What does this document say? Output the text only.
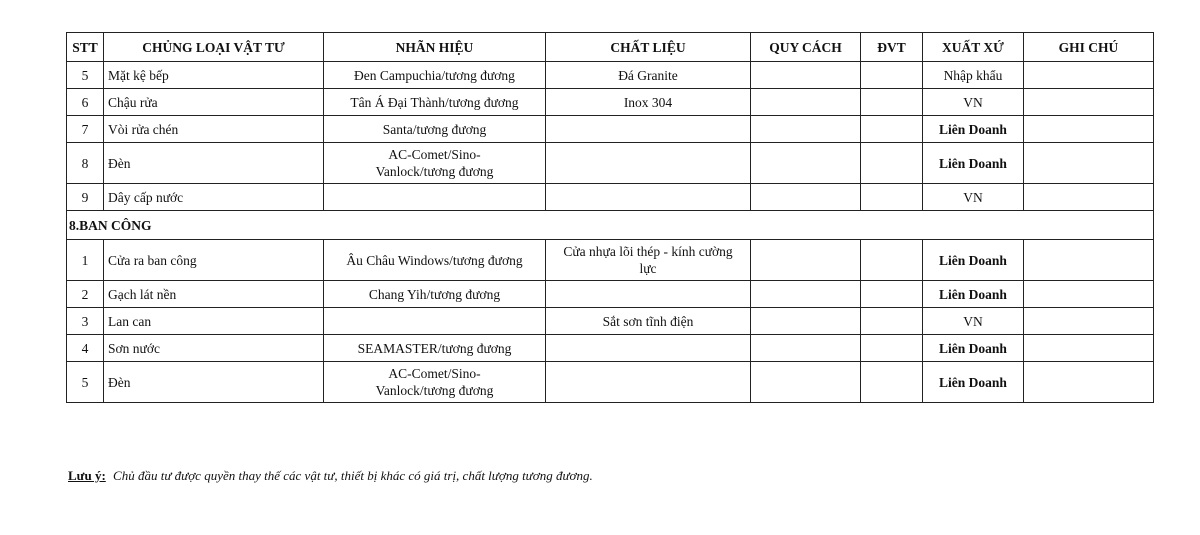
STT	CHỦNG LOẠI VẬT TƯ	NHÃN HIỆU	CHẤT LIỆU	QUY CÁCH	ĐVT	XUẤT XỨ	GHI CHÚ
5	Mặt kệ bếp	Đen Campuchia/tương đương	Đá Granite			Nhập khẩu	
6	Chậu rửa	Tân Á Đại Thành/tương đương	Inox 304			VN	
7	Vòi rửa chén	Santa/tương đương				Liên Doanh	
8	Đèn	AC-Comet/Sino-Vanlock/tương đương				Liên Doanh	
9	Dây cấp nước					VN	
8.BAN CÔNG							
1	Cửa ra ban công	Âu Châu Windows/tương đương	Cửa nhựa lõi thép - kính cường lực			Liên Doanh	
2	Gạch lát nền	Chang Yih/tương đương				Liên Doanh	
3	Lan can		Sắt sơn tĩnh điện			VN	
4	Sơn nước	SEAMASTER/tương đương				Liên Doanh	
5	Đèn	AC-Comet/Sino-Vanlock/tương đương				Liên Doanh	
Lưu ý: Chủ đầu tư được quyền thay thế các vật tư, thiết bị khác có giá trị, chất lượng tương đương.
